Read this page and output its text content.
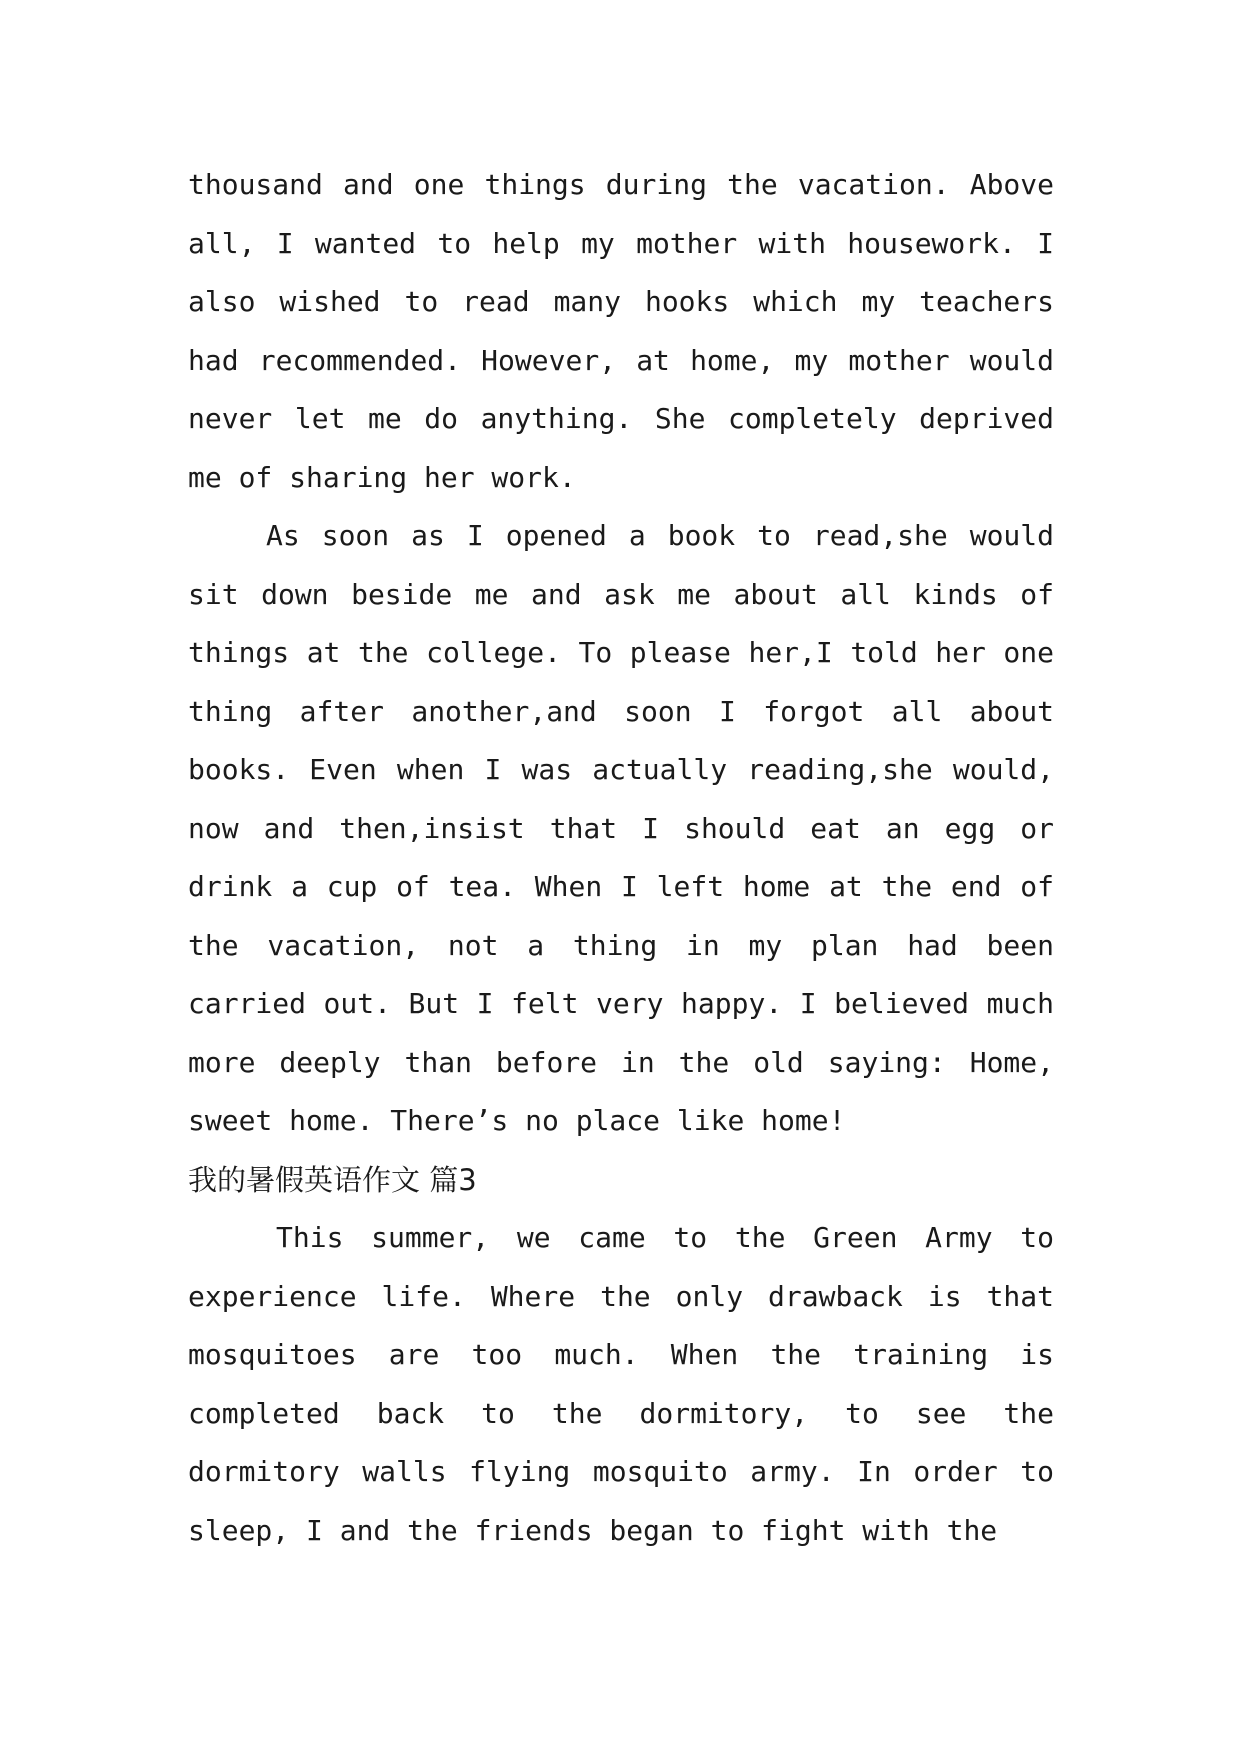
thousand and one things during the vacation. Above all, I wanted to help my mother with housework. I also wished to read many hooks which my teachers had recommended. However, at home, my mother would never let me do anything. She completely deprived me of sharing her work.

As soon as I opened a book to read,she would sit down beside me and ask me about all kinds of things at the college. To please her,I told her one thing after another,and soon I forgot all about books. Even when I was actually reading,she would, now and then,insist that I should eat an egg or drink a cup of tea. When I left home at the end of the vacation, not a thing in my plan had been carried out. But I felt very happy. I believed much more deeply than before in the old saying: Home, sweet home. There’s no place like home!

我的暑假英语作文 篇3

This summer, we came to the Green Army to experience life. Where the only drawback is that mosquitoes are too much. When the training is completed back to the dormitory, to see the dormitory walls flying mosquito army. In order to sleep, I and the friends began to fight with the
